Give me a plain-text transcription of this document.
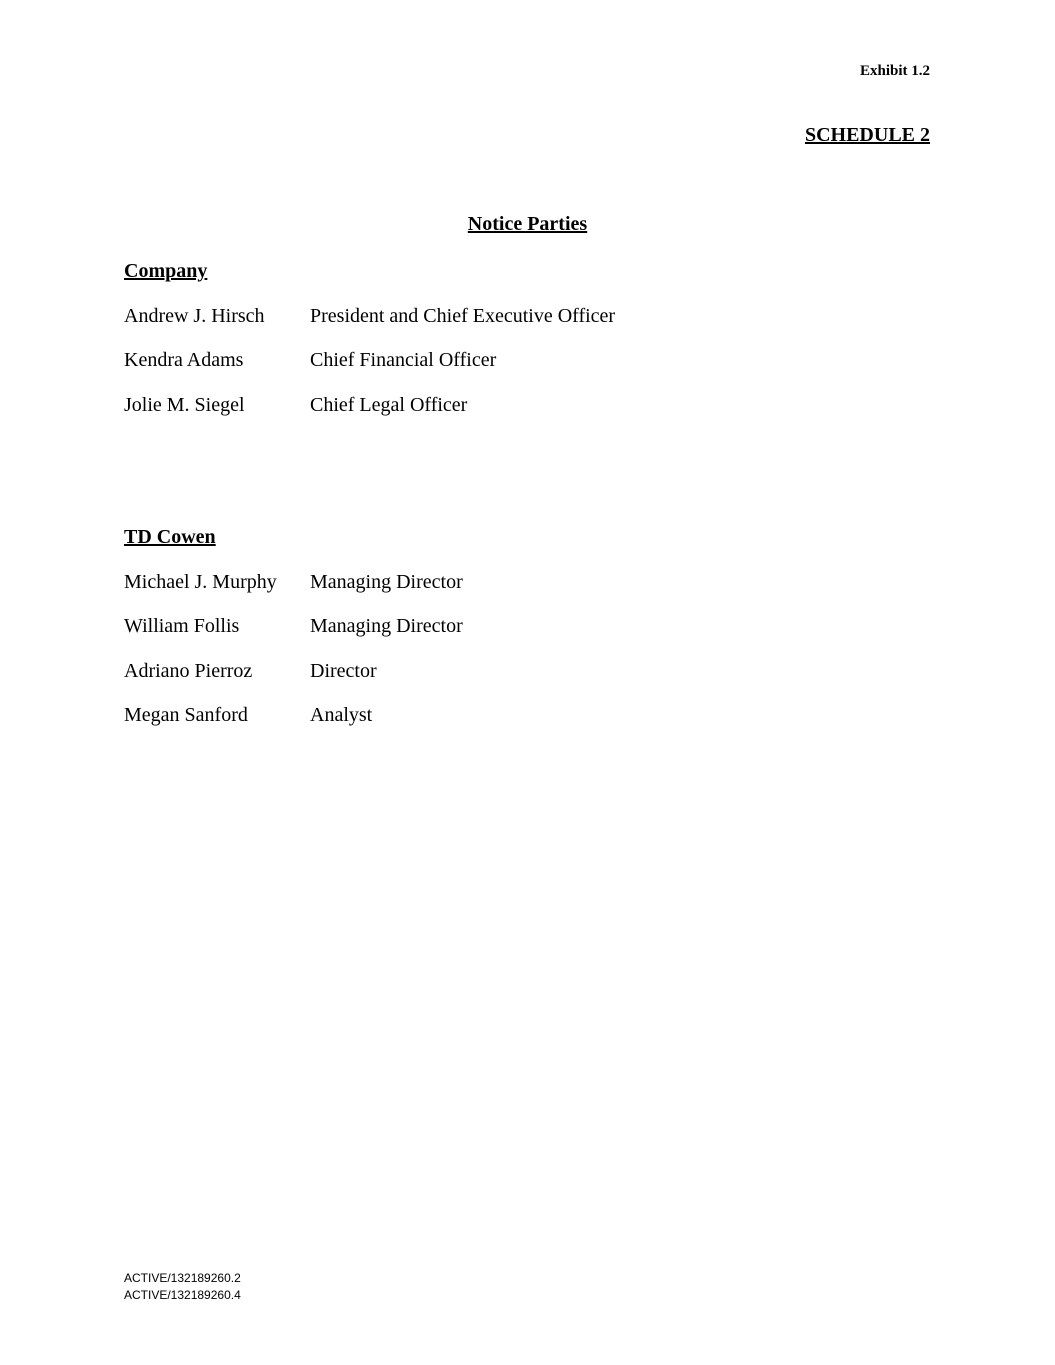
Exhibit 1.2
SCHEDULE 2
Notice Parties
Company
Andrew J. Hirsch	President and Chief Executive Officer
Kendra Adams	Chief Financial Officer
Jolie M. Siegel	Chief Legal Officer
TD Cowen
Michael J. Murphy	Managing Director
William Follis	Managing Director
Adriano Pierroz	Director
Megan Sanford	Analyst
ACTIVE/132189260.2
ACTIVE/132189260.4
